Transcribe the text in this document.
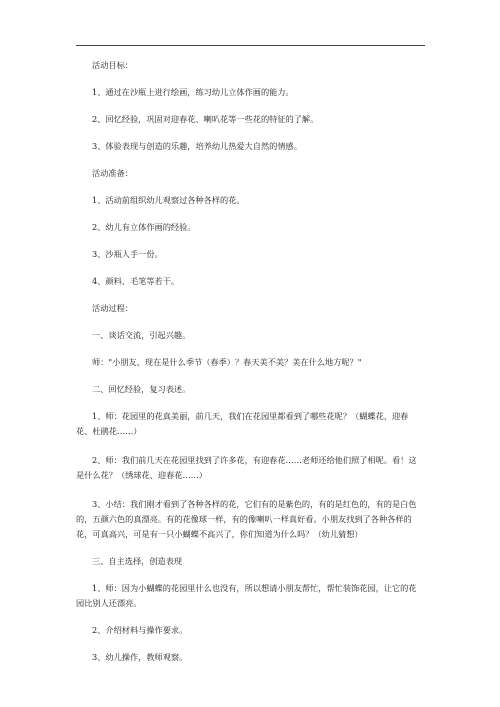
活动目标：

1、通过在沙瓶上进行绘画，练习幼儿立体作画的能力。

2、回忆经验，巩固对迎春花、喇叭花等一些花的特征的了解。

3、体验表现与创造的乐趣，培养幼儿热爱大自然的情感。

活动准备：

1、活动前组织幼儿观察过各种各样的花。

2、幼儿有立体作画的经验。

3、沙瓶人手一份。

4、颜料、毛笔等若干。

活动过程：

一、谈话交流，引起兴趣。

师："小朋友，现在是什么季节（春季）？春天美不美？美在什么地方呢？"

二、回忆经验，复习表述。

1、师：花园里的花真美丽，前几天，我们在花园里都看到了哪些花呢？（蝴蝶花、迎春花、杜鹃花……）

2、师：我们前几天在花园里找到了许多花，有迎春花……老师还给他们照了相呢。看！这是什么花？（绣球花、迎春花……）

3、小结：我们刚才看到了各种各样的花，它们有的是紫色的，有的是红色的，有的是白色的，五颜六色的真漂亮。有的花像球一样，有的像喇叭一样真好看。小朋友找到了各种各样的花，可真高兴，可是有一只小蝴蝶不高兴了，你们知道为什么吗？（幼儿猜想）

三、自主选择，创造表现

1、师：因为小蝴蝶的花园里什么也没有，所以想请小朋友帮忙，帮忙装饰花园，让它的花园比别人还漂亮。

2、介绍材料与操作要求。

3、幼儿操作，教师观察。
